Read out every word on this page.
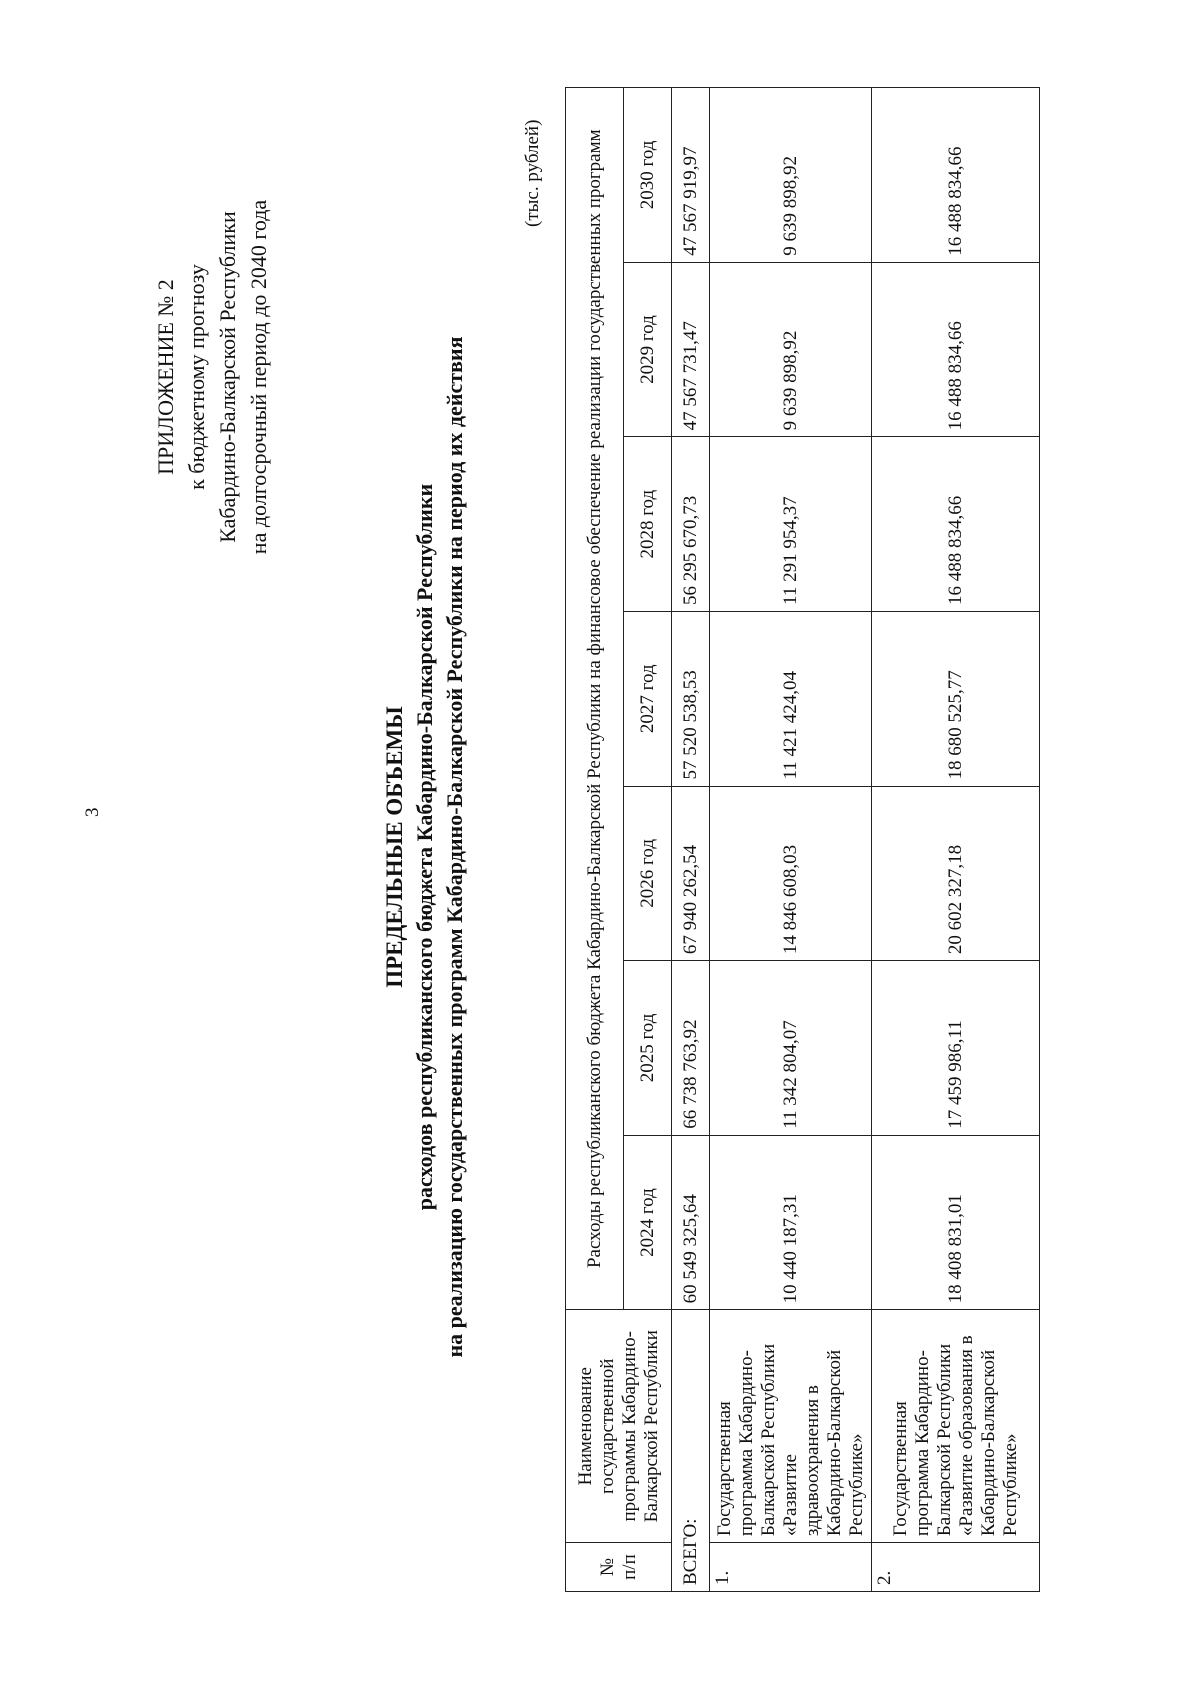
3
ПРИЛОЖЕНИЕ № 2 к бюджетному прогнозу Кабардино-Балкарской Республики на долгосрочный период до 2040 года
ПРЕДЕЛЬНЫЕ ОБЪЕМЫ расходов республиканского бюджета Кабардино-Балкарской Республики на реализацию государственных программ Кабардино-Балкарской Республики на период их действия
(тыс. рублей)
№ п/п	Наименование государственной программы Кабардино-Балкарской Республики	Расходы республиканского бюджета Кабардино-Балкарской Республики на финансовое обеспечение реализации государственных программ						
		2024 год	2025 год	2026 год	2027 год	2028 год	2029 год	2030 год
ВСЕГО:		60 549 325,64	66 738 763,92	67 940 262,54	57 520 538,53	56 295 670,73	47 567 731,47	47 567 919,97
1.	Государственная программа Кабардино-Балкарской Республики «Развитие здравоохранения в Кабардино-Балкарской Республике»	10 440 187,31	11 342 804,07	14 846 608,03	11 421 424,04	11 291 954,37	9 639 898,92	9 639 898,92
2.	Государственная программа Кабардино-Балкарской Республики «Развитие образования в Кабардино-Балкарской Республике»	18 408 831,01	17 459 986,11	20 602 327,18	18 680 525,77	16 488 834,66	16 488 834,66	16 488 834,66
